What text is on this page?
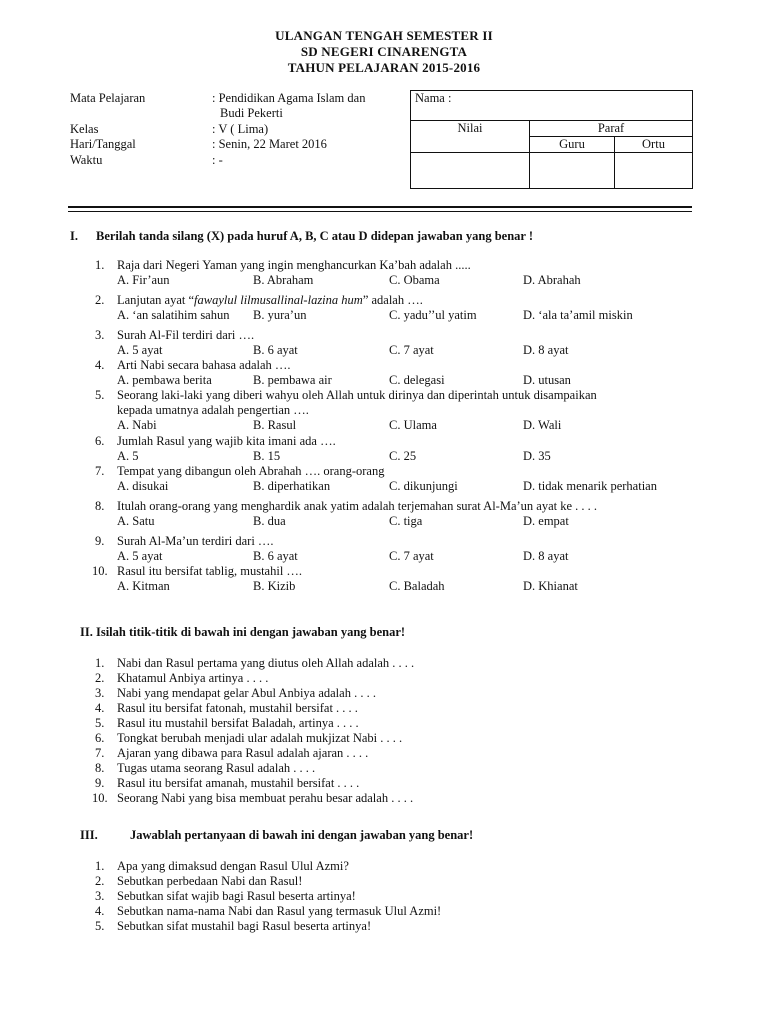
ULANGAN TENGAH SEMESTER II
SD NEGERI CINARENGTA
TAHUN PELAJARAN 2015-2016
Mata Pelajaran	: Pendidikan Agama Islam dan
Budi Pekerti
Kelas	: V ( Lima)
Hari/Tanggal	: Senin, 22 Maret 2016
Waktu	: -
Nama :		
Nilai	Paraf	
	Guru	Ortu

I. Berilah tanda silang (X) pada huruf A, B, C atau D didepan jawaban yang benar !
1. Raja dari Negeri Yaman yang ingin menghancurkan Ka’bah adalah .....
A. Fir’aun	B. Abraham	C. Obama	D. Abrahah
2. Lanjutan ayat “fawaylul lilmusallinal-lazina hum” adalah ….
A. ‘an salatihim sahun B. yura’un	C. yadu’’ul yatim	D. ‘ala ta’amil miskin
3. Surah Al-Fil terdiri dari ….
A. 5 ayat	B. 6 ayat	C. 7 ayat	D. 8 ayat
4. Arti Nabi secara bahasa adalah ….
A. pembawa berita	B. pembawa air	C. delegasi	D. utusan
5. Seorang laki-laki yang diberi wahyu oleh Allah untuk dirinya dan diperintah untuk disampaikan
kepada umatnya adalah pengertian ….
A. Nabi	B. Rasul	C. Ulama	D. Wali
6. Jumlah Rasul yang wajib kita imani ada ….
A. 5	B. 15	C. 25	D. 35
7. Tempat yang dibangun oleh Abrahah …. orang-orang
A. disukai	B. diperhatikan	C. dikunjungi	D. tidak menarik perhatian
8. Itulah orang-orang yang menghardik anak yatim adalah terjemahan surat Al-Ma’un ayat ke . . . .
A. Satu	B. dua	C. tiga	D. empat
9. Surah Al-Ma’un terdiri dari ….
A. 5 ayat	B. 6 ayat	C. 7 ayat	D. 8 ayat
10. Rasul itu bersifat tablig, mustahil ….
A. Kitman	B. Kizib	C. Baladah	D. Khianat
II. Isilah titik-titik di bawah ini dengan jawaban yang benar!
1. Nabi dan Rasul pertama yang diutus oleh Allah adalah . . . .
2. Khatamul Anbiya artinya . . . .
3. Nabi yang mendapat gelar Abul Anbiya adalah . . . .
4. Rasul itu bersifat fatonah, mustahil bersifat . . . .
5. Rasul itu mustahil bersifat Baladah, artinya . . . .
6. Tongkat berubah menjadi ular adalah mukjizat Nabi . . . .
7. Ajaran yang dibawa para Rasul adalah ajaran . . . .
8. Tugas utama seorang Rasul adalah . . . .
9. Rasul itu bersifat amanah, mustahil bersifat . . . .
10. Seorang Nabi yang bisa membuat perahu besar adalah . . . .
III.	Jawablah pertanyaan di bawah ini dengan jawaban yang benar!
1. Apa yang dimaksud dengan Rasul Ulul Azmi?
2. Sebutkan perbedaan Nabi dan Rasul!
3. Sebutkan sifat wajib bagi Rasul beserta artinya!
4. Sebutkan nama-nama Nabi dan Rasul yang termasuk Ulul Azmi!
5. Sebutkan sifat mustahil bagi Rasul beserta artinya!
